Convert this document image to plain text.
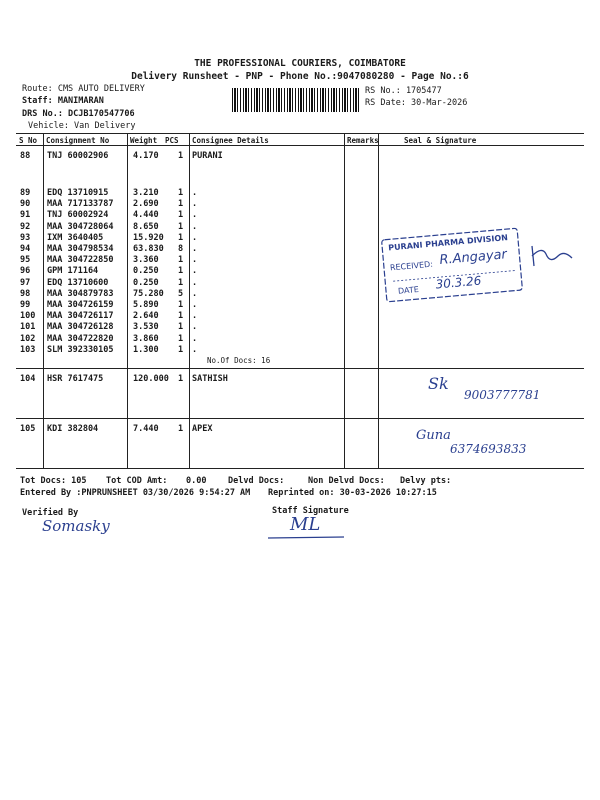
THE PROFESSIONAL COURIERS, COIMBATORE
Delivery Runsheet - PNP - Phone No.:9047080280 - Page No.:6
Route: CMS AUTO DELIVERY
Staff: MANIMARAN
DRS No.: DCJB170547706
Vehicle: Van Delivery
RS No.: 1705477
RS Date: 30-Mar-2026
S No Consignment No	Weight PCS Consignee Details	Remarks	Seal & Signature
88 TNJ 60002906	4.170 1 PURANI
89 EDQ 13710915	3.210 1 .
90 MAA 717133787 2.690 1 .
91 TNJ 60002924	4.440 1 .
92 MAA 304728064 8.650 1 .
93 IXM 3640405	15.920 1 .
94 MAA 304798534 63.830 8 .
95 MAA 304722850 3.360 1 .
96 GPM 171164	0.250 1 .
97 EDQ 13710600	0.250 1 .
98 MAA 304879783 75.280 5 .
99 MAA 304726159 5.890 1 .
100 MAA 304726117 2.640 1 .
101 MAA 304726128 3.530 1 .
102 MAA 304722820 3.860 1 .
103 SLM 392330105 1.300 1 .
No.Of Docs: 16
104 HSR 7617475	120.000 1 SATHISH
105 KDI 382804	7.440 1 APEX
PURANI PHARMA DIVISION
RECEIVED: R.Angayar
DATE 30.3.26
Sk
9003777781
Guna
6374693833
Tot Docs: 105 Tot COD Amt: 0.00	Delvd Docs:	Non Delvd Docs: Delvy pts:
Entered By :PNPRUNSHEET 03/30/2026 9:54:27 AM Reprinted on: 30-03-2026 10:27:15
Verified By
Somasky
Staff Signature
ML
